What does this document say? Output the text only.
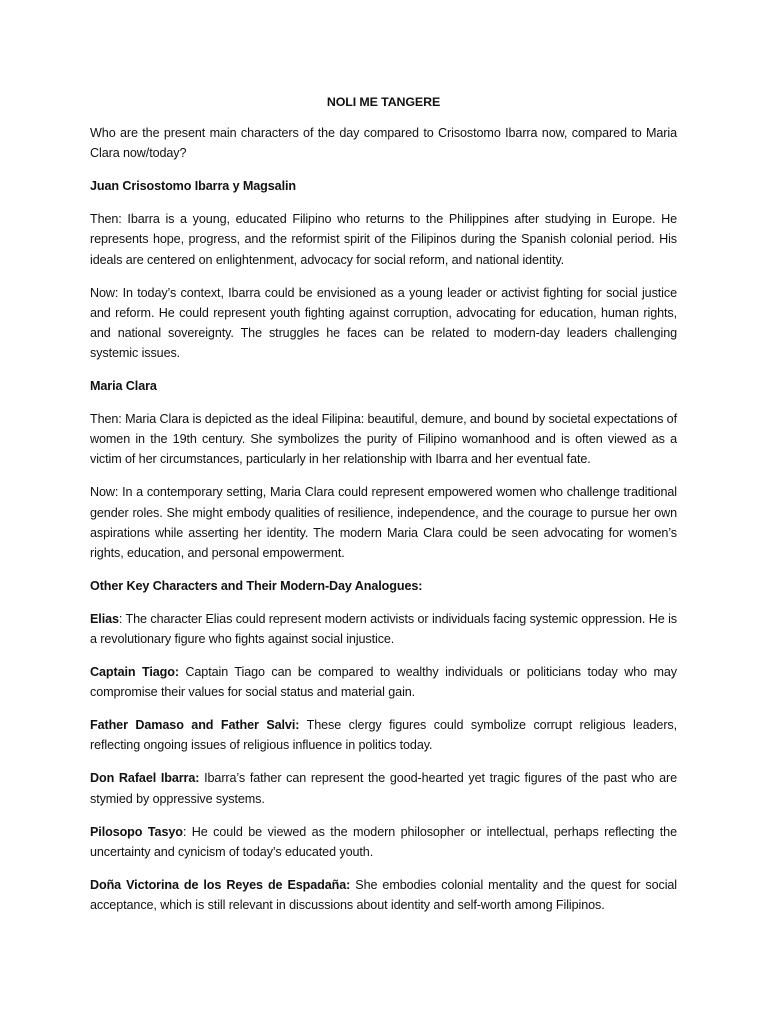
NOLI ME TANGERE

Who are the present main characters of the day compared to Crisostomo Ibarra now, compared to Maria Clara now/today?

Juan Crisostomo Ibarra y Magsalin

Then: Ibarra is a young, educated Filipino who returns to the Philippines after studying in Europe. He represents hope, progress, and the reformist spirit of the Filipinos during the Spanish colonial period. His ideals are centered on enlightenment, advocacy for social reform, and national identity.

Now: In today’s context, Ibarra could be envisioned as a young leader or activist fighting for social justice and reform. He could represent youth fighting against corruption, advocating for education, human rights, and national sovereignty. The struggles he faces can be related to modern-day leaders challenging systemic issues.

Maria Clara

Then: Maria Clara is depicted as the ideal Filipina: beautiful, demure, and bound by societal expectations of women in the 19th century. She symbolizes the purity of Filipino womanhood and is often viewed as a victim of her circumstances, particularly in her relationship with Ibarra and her eventual fate.

Now: In a contemporary setting, Maria Clara could represent empowered women who challenge traditional gender roles. She might embody qualities of resilience, independence, and the courage to pursue her own aspirations while asserting her identity. The modern Maria Clara could be seen advocating for women’s rights, education, and personal empowerment.

Other Key Characters and Their Modern-Day Analogues:

Elias: The character Elias could represent modern activists or individuals facing systemic oppression. He is a revolutionary figure who fights against social injustice.

Captain Tiago: Captain Tiago can be compared to wealthy individuals or politicians today who may compromise their values for social status and material gain.

Father Damaso and Father Salvi: These clergy figures could symbolize corrupt religious leaders, reflecting ongoing issues of religious influence in politics today.

Don Rafael Ibarra: Ibarra’s father can represent the good-hearted yet tragic figures of the past who are stymied by oppressive systems.

Pilosopo Tasyo: He could be viewed as the modern philosopher or intellectual, perhaps reflecting the uncertainty and cynicism of today’s educated youth.

Doña Victorina de los Reyes de Espadaña: She embodies colonial mentality and the quest for social acceptance, which is still relevant in discussions about identity and self-worth among Filipinos.
